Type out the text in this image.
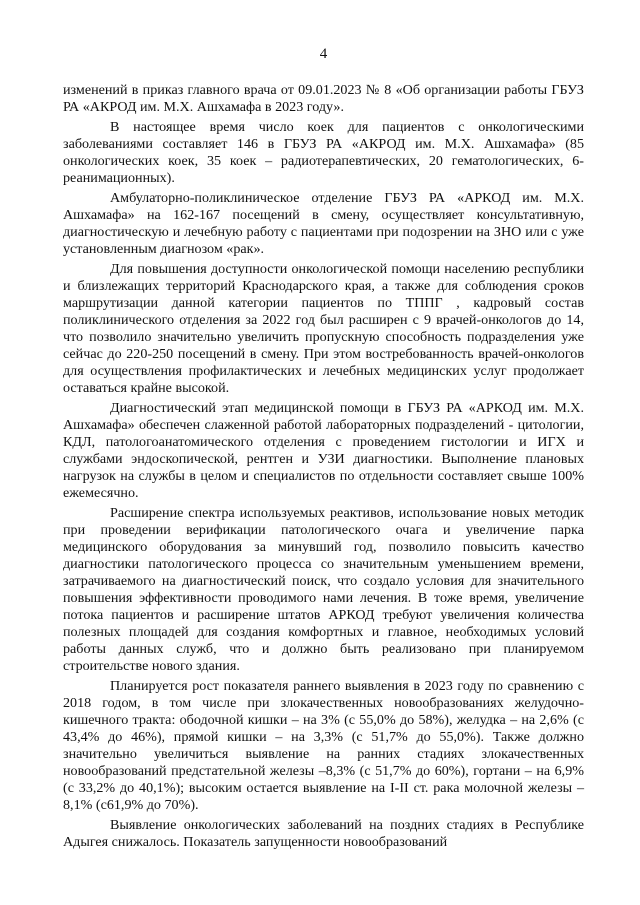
4

изменений в приказ главного врача от 09.01.2023 № 8 «Об организации работы ГБУЗ РА «АКРОД им. М.Х. Ашхамафа в 2023 году».

В настоящее время число коек для пациентов с онкологическими заболеваниями составляет 146 в ГБУЗ РА «АКРОД им. М.Х. Ашхамафа» (85 онкологических коек, 35 коек – радиотерапевтических, 20 гематологических, 6-реанимационных).

Амбулаторно-поликлиническое отделение ГБУЗ РА «АРКОД им. М.Х. Ашхамафа» на 162-167 посещений в смену, осуществляет консультативную, диагностическую и лечебную работу с пациентами при подозрении на ЗНО или с уже установленным диагнозом «рак».

Для повышения доступности онкологической помощи населению республики и близлежащих территорий Краснодарского края, а также для соблюдения сроков маршрутизации данной категории пациентов по ТППГ , кадровый состав поликлинического отделения за 2022 год был расширен с 9 врачей-онкологов до 14, что позволило значительно увеличить пропускную способность подразделения уже сейчас до 220-250 посещений в смену. При этом востребованность врачей-онкологов для осуществления профилактических и лечебных медицинских услуг продолжает оставаться крайне высокой.

Диагностический этап медицинской помощи в ГБУЗ РА «АРКОД им. М.Х. Ашхамафа» обеспечен слаженной работой лабораторных подразделений - цитологии, КДЛ, патологоанатомического отделения с проведением гистологии и ИГХ и службами эндоскопической, рентген и УЗИ диагностики. Выполнение плановых нагрузок на службы в целом и специалистов по отдельности составляет свыше 100% ежемесячно.

Расширение спектра используемых реактивов, использование новых методик при проведении верификации патологического очага и увеличение парка медицинского оборудования за минувший год, позволило повысить качество диагностики патологического процесса со значительным уменьшением времени, затрачиваемого на диагностический поиск, что создало условия для значительного повышения эффективности проводимого нами лечения. В тоже время, увеличение потока пациентов и расширение штатов АРКОД требуют увеличения количества полезных площадей для создания комфортных и главное, необходимых условий работы данных служб, что и должно быть реализовано при планируемом строительстве нового здания.

Планируется рост показателя раннего выявления в 2023 году по сравнению с 2018 годом, в том числе при злокачественных новообразованиях желудочно-кишечного тракта: ободочной кишки – на 3% (с 55,0% до 58%), желудка – на 2,6% (с 43,4% до 46%), прямой кишки – на 3,3% (с 51,7% до 55,0%). Также должно значительно увеличиться выявление на ранних стадиях злокачественных новообразований предстательной железы –8,3% (с 51,7% до 60%), гортани – на 6,9% (с 33,2% до 40,1%); высоким остается выявление на I-II ст. рака молочной железы –8,1% (с61,9% до 70%).

Выявление онкологических заболеваний на поздних стадиях в Республике Адыгея снижалось. Показатель запущенности новообразований
